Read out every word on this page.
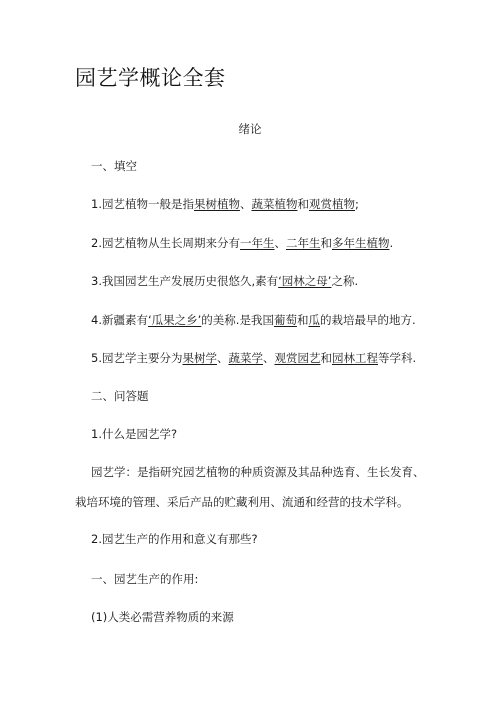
园艺学概论全套
绪论
一、填空
1.园艺植物一般是指果树植物、蔬菜植物和观赏植物;
2.园艺植物从生长周期来分有一年生、二年生和多年生植物.
3.我国园艺生产发展历史很悠久,素有‘园林之母’之称.
4.新疆素有‘瓜果之乡’的美称.是我国葡萄和瓜的栽培最早的地方.
5.园艺学主要分为果树学、蔬菜学、观赏园艺和园林工程等学科.
二、问答题
1.什么是园艺学?
园艺学：是指研究园艺植物的种质资源及其品种选育、生长发育、
栽培环境的管理、采后产品的贮藏利用、流通和经营的技术学科。
2.园艺生产的作用和意义有那些?
一、园艺生产的作用:
(1)人类必需营养物质的来源
